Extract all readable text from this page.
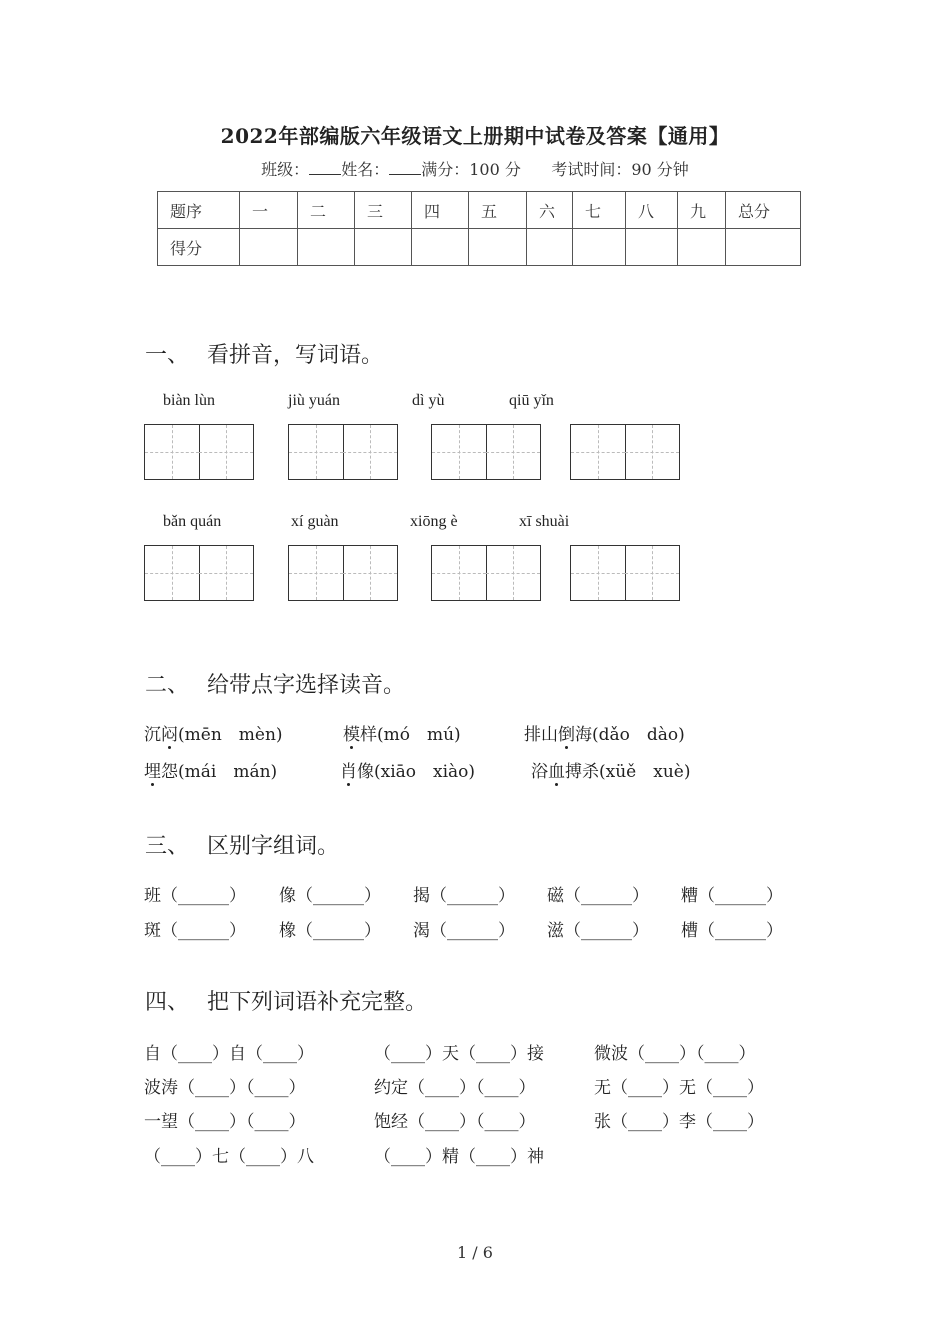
2022年部编版六年级语文上册期中试卷及答案【通用】
班级： 姓名： 满分：100 分 考试时间：90 分钟
题序	一	二	三	四	五	六	七	八	九	总分
得分										
一、 看拼音，写词语。
biàn lùn	jiù yuán	dì yù	qiū yǐn
bǎn quán	xí guàn	xiōng è	xī shuài
二、 给带点字选择读音。
沉闷(mēn　mèn)	模样(mó　mú)	排山倒海(dǎo　dào)
埋怨(mái　mán)	肖像(xiāo　xiào)	浴血搏杀(xüě　xuè)
三、 区别字组词。
班（______） 像（______） 揭（______） 磁（______） 糟（______）
斑（______） 橡（______） 渴（______） 滋（______） 槽（______）
四、 把下列词语补充完整。
自（____）自（____）	（____）天（____）接	微波（____）（____）
波涛（____）（____）	约定（____）（____）	无（____）无（____）
一望（____）（____）	饱经（____）（____）	张（____）李（____）
（____）七（____）八	（____）精（____）神
1 / 6
